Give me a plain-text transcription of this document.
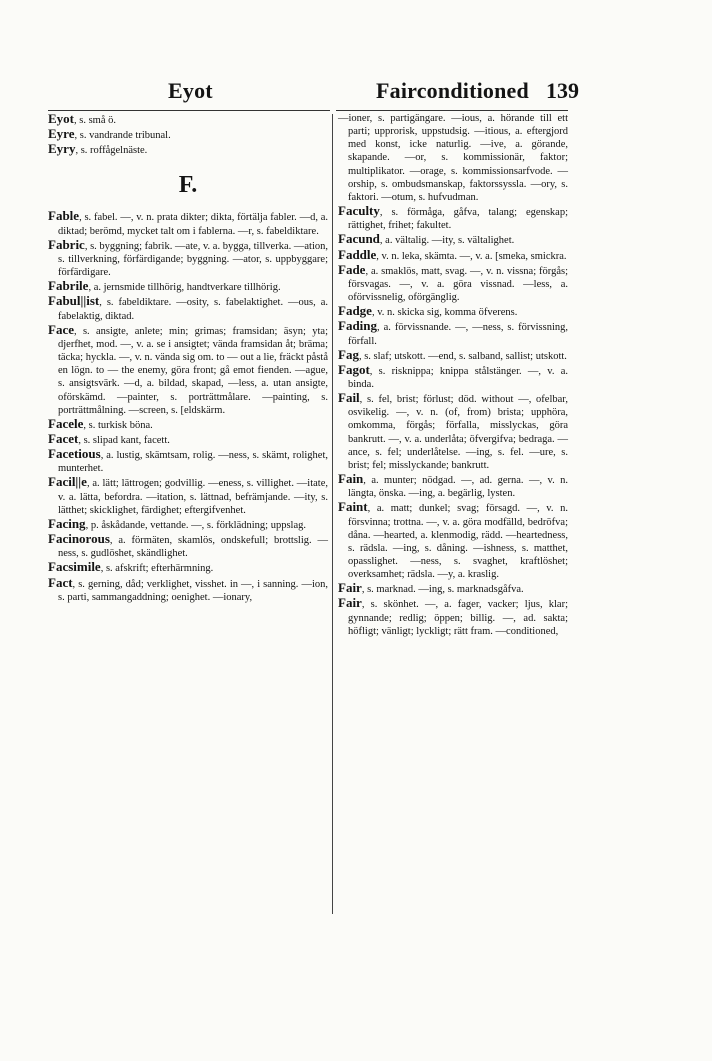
Eyot	Fairconditioned 139

Eyot, s. små ö.

Eyre, s. vandrande tribunal.

Eyry, s. roffågelnäste.

F.

Fable, s. fabel. —, v. n. prata dikter; dikta, förtälja fabler. —d, a. diktad; berömd, mycket talt om i fablerna. —r, s. fabeldiktare.

Fabric, s. byggning; fabrik. —ate, v. a. bygga, tillverka. —ation, s. tillverkning, förfärdigande; byggning. —ator, s. uppbyggare; förfärdigare.

Fabrile, a. jernsmide tillhörig, handtverkare tillhörig.

Fabul||ist, s. fabeldiktare. —osity, s. fabelaktighet. —ous, a. fabelaktig, diktad.

Face, s. ansigte, anlete; min; grimas; framsidan; äsyn; yta; djerfhet, mod. —, v. a. se i ansigtet; vända framsidan åt; bräma; täcka; hyckla. —, v. n. vända sig om. to — out a lie, fräckt påstå en lögn. to — the enemy, göra front; gå emot fienden. —ague, s. ansigtsvärk. —d, a. bildad, skapad, —less, a. utan ansigte, oförskämd. —painter, s. porträttmålare. —painting, s. porträttmålning. —screen, s. [eldskärm.

Facele, s. turkisk böna.

Facet, s. slipad kant, facett.

Facetious, a. lustig, skämtsam, rolig. —ness, s. skämt, rolighet, munterhet.

Facil||e, a. lätt; lättrogen; godvillig. —eness, s. villighet. —itate, v. a. lätta, befordra. —itation, s. lättnad, befrämjande. —ity, s. lätthet; skicklighet, färdighet; eftergifvenhet.

Facing, p. åskådande, vettande. —, s. förklädning; uppslag.

Facinorous, a. förmäten, skamlös, ondskefull; brottslig. —ness, s. gudlöshet, skändlighet.

Facsimile, s. afskrift; efterhärmning.

Fact, s. gerning, dåd; verklighet, visshet. in —, i sanning. —ion, s. parti, sammangaddning; oenighet. —ionary,

—ioner, s. partigängare. —ious, a. hörande till ett parti; upprorisk, uppstudsig. —itious, a. eftergjord med konst, icke naturlig. —ive, a. görande, skapande. —or, s. kommissionär, faktor; multiplikator. —orage, s. kommissionsarfvode. —orship, s. ombudsmanskap, faktorssyssla. —ory, s. faktori. —otum, s. hufvudman.

Faculty, s. förmåga, gåfva, talang; egenskap; rättighet, frihet; fakultet.

Facund, a. vältalig. —ity, s. vältalighet.

Faddle, v. n. leka, skämta. —, v. a. [smeka, smickra.

Fade, a. smaklös, matt, svag. —, v. n. vissna; förgås; försvagas. —, v. a. göra vissnad. —less, a. oförvissnelig, oförgänglig.

Fadge, v. n. skicka sig, komma öfverens.

Fading, a. förvissnande. —, —ness, s. förvissning, förfall.

Fag, s. slaf; utskott. —end, s. salband, sallist; utskott.

Fagot, s. risknippa; knippa stålstänger. —, v. a. binda.

Fail, s. fel, brist; förlust; död. without —, ofelbar, osvikelig. —, v. n. (of, from) brista; upphöra, omkomma, förgås; förfalla, misslyckas, göra bankrutt. —, v. a. underlåta; öfvergifva; bedraga. —ance, s. fel; underlåtelse. —ing, s. fel. —ure, s. brist; fel; misslyckande; bankrutt.

Fain, a. munter; nödgad. —, ad. gerna. —, v. n. längta, önska. —ing, a. begärlig, lysten.

Faint, a. matt; dunkel; svag; försagd. —, v. n. försvinna; trottna. —, v. a. göra modfälld, bedröfva; dåna. —hearted, a. klenmodig, rädd. —heartedness, s. rädsla. —ing, s. dåning. —ishness, s. matthet, opasslighet. —ness, s. svaghet, kraftlöshet; overksamhet; rädsla. —y, a. kraslig.

Fair, s. marknad. —ing, s. marknadsgåfva.

Fair, s. skönhet. —, a. fager, vacker; ljus, klar; gynnande; redlig; öppen; billig. —, ad. sakta; höfligt; vänligt; lyckligt; rätt fram. —conditioned,
